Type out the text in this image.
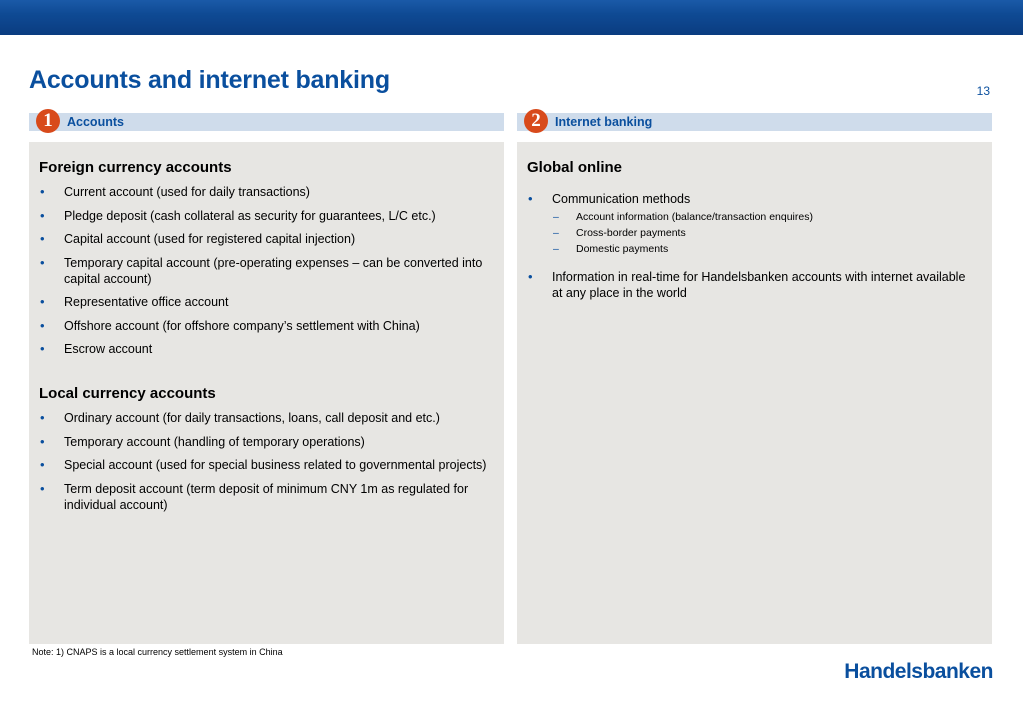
Accounts and internet banking	13
1	Accounts	2	Internet banking
Foreign currency accounts
• Current account (used for daily transactions)
• Pledge deposit (cash collateral as security for guarantees, L/C etc.)
• Capital account (used for registered capital injection)
• Temporary capital account (pre-operating expenses – can be converted into capital account)
• Representative office account
• Offshore account (for offshore company’s settlement with China)
• Escrow account
Local currency accounts
• Ordinary account (for daily transactions, loans, call deposit and etc.)
• Temporary account (handling of temporary operations)
• Special account (used for special business related to governmental projects)
• Term deposit account (term deposit of minimum CNY 1m as regulated for individual account)
Global online
• Communication methods
– Account information (balance/transaction enquires)
– Cross-border payments
– Domestic payments
• Information in real-time for Handelsbanken accounts with internet available at any place in the world
Note: 1) CNAPS is a local currency settlement system in China
Handelsbanken
